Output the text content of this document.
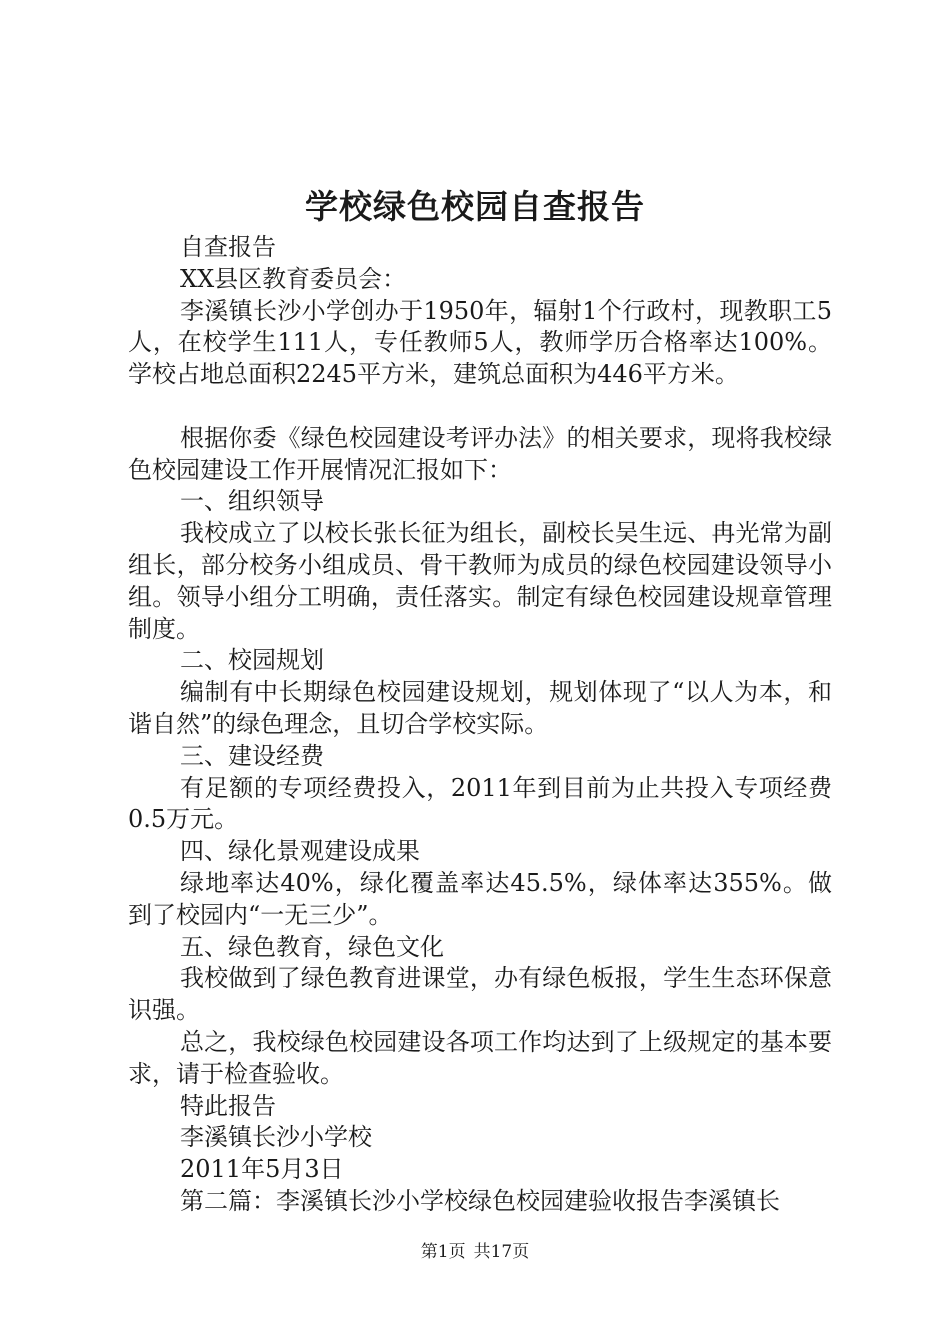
学校绿色校园自查报告

自查报告

XX县区教育委员会：

李溪镇长沙小学创办于1950年，辐射1个行政村，现教职工5人，在校学生111人，专任教师5人，教师学历合格率达100%。学校占地总面积2245平方米，建筑总面积为446平方米。

根据你委《绿色校园建设考评办法》的相关要求，现将我校绿色校园建设工作开展情况汇报如下：

一、组织领导

我校成立了以校长张长征为组长，副校长吴生远、冉光常为副组长，部分校务小组成员、骨干教师为成员的绿色校园建设领导小组。领导小组分工明确，责任落实。制定有绿色校园建设规章管理制度。

二、校园规划

编制有中长期绿色校园建设规划，规划体现了“以人为本，和谐自然”的绿色理念，且切合学校实际。

三、建设经费

有足额的专项经费投入，2011年到目前为止共投入专项经费0.5万元。

四、绿化景观建设成果

绿地率达40%，绿化覆盖率达45.5%，绿体率达355%。做到了校园内“一无三少”。

五、绿色教育，绿色文化

我校做到了绿色教育进课堂，办有绿色板报，学生生态环保意识强。

总之，我校绿色校园建设各项工作均达到了上级规定的基本要求，请于检查验收。

特此报告

李溪镇长沙小学校

2011年5月3日

第二篇：李溪镇长沙小学校绿色校园建验收报告李溪镇长

第1页 共17页
